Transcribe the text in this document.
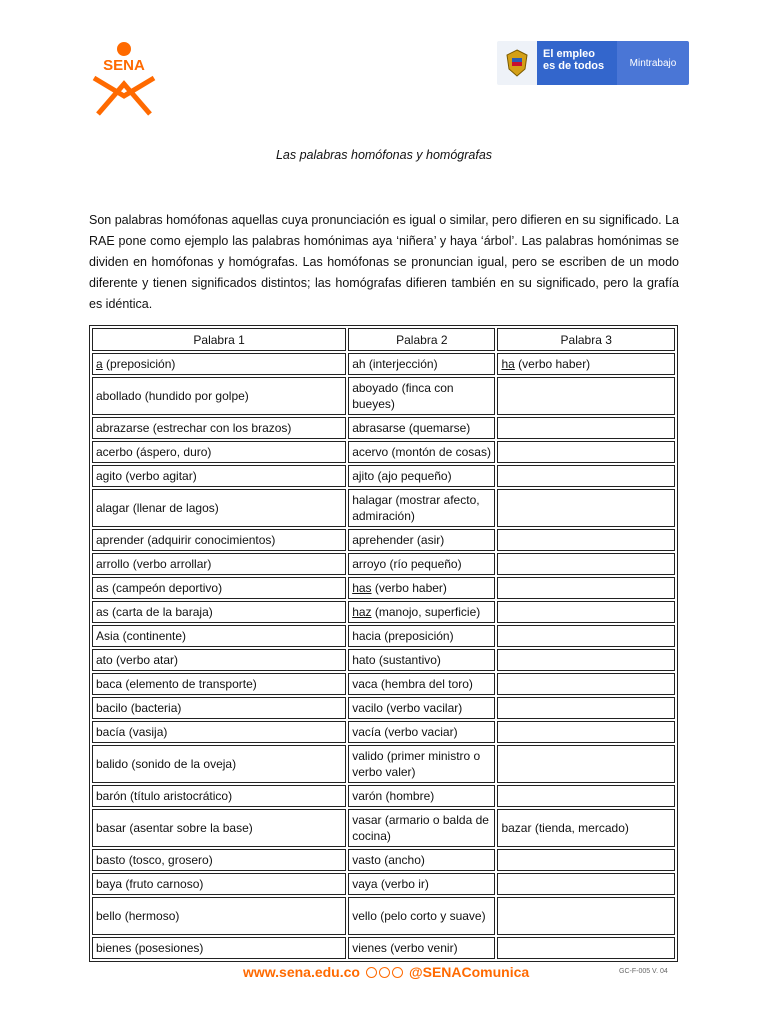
SENA
El empleo
es de todos	Mintrabajo
Las palabras homófonas y homógrafas

Son palabras homófonas aquellas cuya pronunciación es igual o similar, pero difieren en su significado. La RAE pone como ejemplo las palabras homónimas aya ‘niñera’ y haya ‘árbol’. Las palabras homónimas se dividen en homófonas y homógrafas. Las homófonas se pronuncian igual, pero se escriben de un modo diferente y tienen significados distintos; las homógrafas difieren también en su significado, pero la grafía es idéntica.

Palabra 1	Palabra 2	Palabra 3
a (preposición)	ah (interjección)	ha (verbo haber)
abollado (hundido por golpe)	aboyado (finca con bueyes)	
abrazarse (estrechar con los brazos)	abrasarse (quemarse)	
acerbo (áspero, duro)	acervo (montón de cosas)	
agito (verbo agitar)	ajito (ajo pequeño)	
alagar (llenar de lagos)	halagar (mostrar afecto, admiración)	
aprender (adquirir conocimientos)	aprehender (asir)	
arrollo (verbo arrollar)	arroyo (río pequeño)	
as (campeón deportivo)	has (verbo haber)	
as (carta de la baraja)	haz (manojo, superficie)	
Asia (continente)	hacia (preposición)	
ato (verbo atar)	hato (sustantivo)	
baca (elemento de transporte)	vaca (hembra del toro)	
bacilo (bacteria)	vacilo (verbo vacilar)	
bacía (vasija)	vacía (verbo vaciar)	
balido (sonido de la oveja)	valido (primer ministro o verbo valer)	
barón (título aristocrático)	varón (hombre)	
basar (asentar sobre la base)	vasar (armario o balda de cocina)	bazar (tienda, mercado)
basto (tosco, grosero)	vasto (ancho)	
baya (fruto carnoso)	vaya (verbo ir)	
bello (hermoso)	vello (pelo corto y suave)	
bienes (posesiones)	vienes (verbo venir)	
www.sena.edu.co	@SENAComunica	GC-F-005 V. 04
